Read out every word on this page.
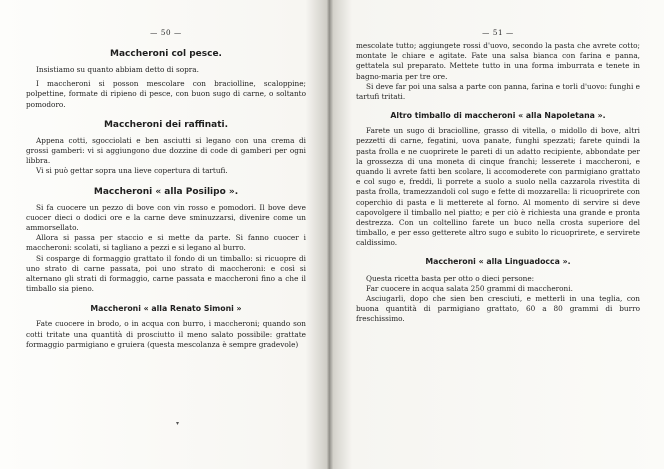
— 50 —
Maccheroni col pesce.

Insistiamo su quanto abbiam detto di sopra.

I maccheroni si posson mescolare con braciolline, scaloppine; polpettine, formate di ripieno di pesce, con buon sugo di carne, o soltanto pomodoro.

Maccheroni dei raffinati.

Appena cotti, sgocciolati e ben asciutti si legano con una crema di grossi gamberi: vi si aggiungono due dozzine di code di gamberi per ogni libbra.

Vi si può gettar sopra una lieve copertura di tartufi.

Maccheroni « alla Posilipo ».

Si fa cuocere un pezzo di bove con vin rosso e pomodori. Il bove deve cuocer dieci o dodici ore e la carne deve sminuzzarsi, divenire come un ammorsellato.

Allora si passa per staccio e si mette da parte. Si fanno cuocer i maccheroni: scolati, si tagliano a pezzi e si legano al burro.

Si cosparge di formaggio grattato il fondo di un timballo: si ricuopre di uno strato di carne passata, poi uno strato di maccheroni: e così si alternano gli strati di formaggio, carne passata e maccheroni fino a che il timballo sia pieno.

Maccheroni « alla Renato Simoni »

Fate cuocere in brodo, o in acqua con burro, i maccheroni; quando son cotti tritate una quantità di prosciutto il meno salato possibile: grattate formaggio parmigiano e gruiera (questa mescolanza è sempre gradevole)

— 51 —

mescolate tutto; aggiungete rossi d'uovo, secondo la pasta che avrete cotto; montate le chiare e agitate. Fate una salsa bianca con farina e panna, gettatela sul preparato. Mettete tutto in una forma imburrata e tenete in bagno-maria per tre ore.

Si deve far poi una salsa a parte con panna, farina e torli d'uovo: funghi e tartufi tritati.

Altro timballo di maccheroni « alla Napoletana ».

Farete un sugo di braciolline, grasso di vitella, o midollo di bove, altri pezzetti di carne, fegatini, uova panate, funghi spezzati; farete quindi la pasta frolla e ne cuoprirete le pareti di un adatto recipiente, abbondate per la grossezza di una moneta di cinque franchi; lesserete i maccheroni, e quando li avrete fatti ben scolare, li accomoderete con parmigiano grattato e col sugo e, freddi, li porrete a suolo a suolo nella cazzarola rivestita di pasta frolla, tramezzandoli col sugo e fette di mozzarella: li ricuoprirete con coperchio di pasta e li metterete al forno. Al momento di servire si deve capovolgere il timballo nel piatto; e per ciò è richiesta una grande e pronta destrezza. Con un coltellino farete un buco nella crosta superiore del timballo, e per esso getterete altro sugo e subito lo ricuoprirete, e servirete caldissimo.

Maccheroni « alla Linguadocca ».

Questa ricetta basta per otto o dieci persone:

Far cuocere in acqua salata 250 grammi di maccheroni.

Asciugarli, dopo che sien ben cresciuti, e metterli in una teglia, con buona quantità di parmigiano grattato, 60 a 80 grammi di burro freschissimo.

▾
